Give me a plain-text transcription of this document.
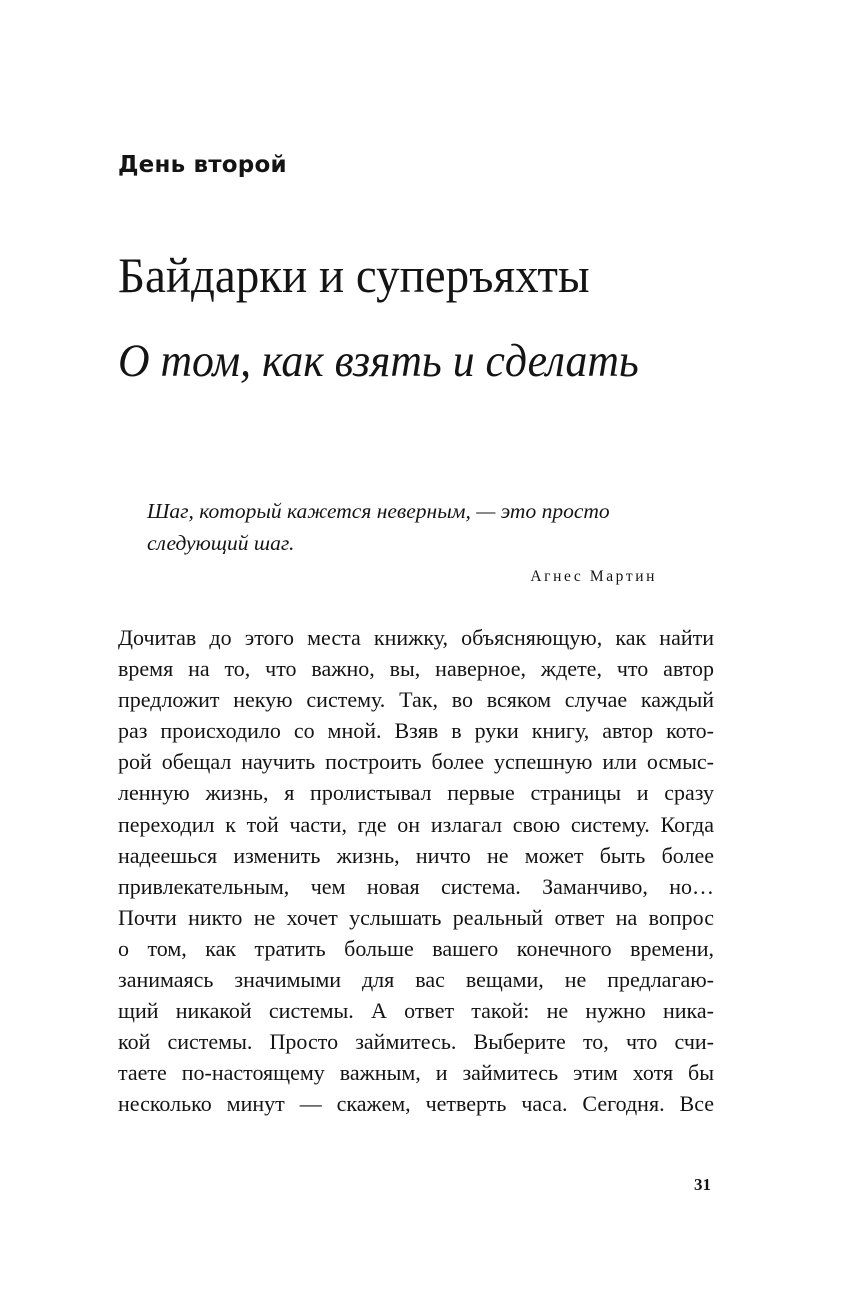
День второй
Байдарки и суперъяхты
О том, как взять и сделать

Шаг, который кажется неверным, — это просто
следующий шаг.

Агнес Мартин

Дочитав до этого места книжку, объясняющую, как найти
время на то, что важно, вы, наверное, ждете, что автор
предложит некую систему. Так, во всяком случае каждый
раз происходило со мной. Взяв в руки книгу, автор кото-
рой обещал научить построить более успешную или осмыс-
ленную жизнь, я пролистывал первые страницы и сразу
переходил к той части, где он излагал свою систему. Когда
надеешься изменить жизнь, ничто не может быть более
привлекательным, чем новая система. Заманчиво, но…
Почти никто не хочет услышать реальный ответ на вопрос
о том, как тратить больше вашего конечного времени,
занимаясь значимыми для вас вещами, не предлагаю-
щий никакой системы. А ответ такой: не нужно ника-
кой системы. Просто займитесь. Выберите то, что счи-
таете по-настоящему важным, и займитесь этим хотя бы
несколько минут — скажем, четверть часа. Сегодня. Все
31
